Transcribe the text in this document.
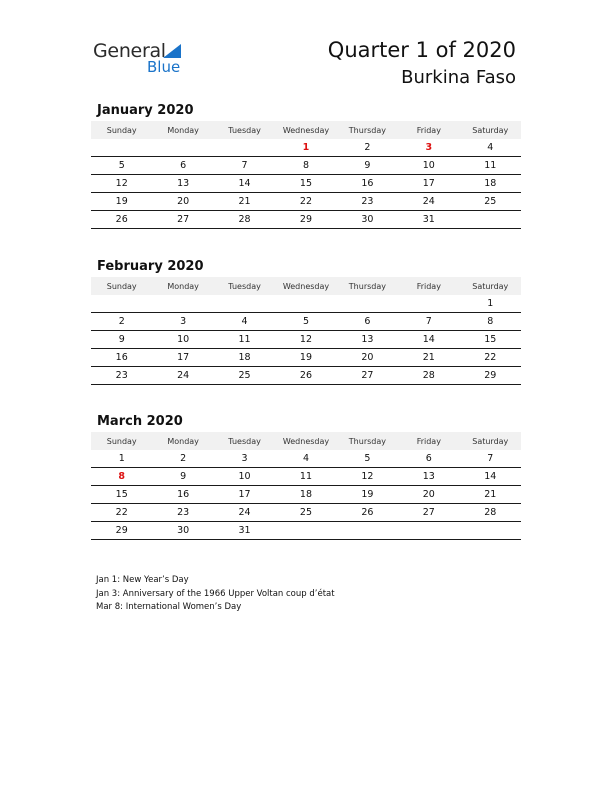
General
Blue
Quarter 1 of 2020
Burkina Faso
January 2020
Sunday	Monday	Tuesday	Wednesday	Thursday	Friday	Saturday
			1	2	3	4
5	6	7	8	9	10	11
12	13	14	15	16	17	18
19	20	21	22	23	24	25
26	27	28	29	30	31	
February 2020
Sunday	Monday	Tuesday	Wednesday	Thursday	Friday	Saturday
						1
2	3	4	5	6	7	8
9	10	11	12	13	14	15
16	17	18	19	20	21	22
23	24	25	26	27	28	29
March 2020
Sunday	Monday	Tuesday	Wednesday	Thursday	Friday	Saturday
1	2	3	4	5	6	7
8	9	10	11	12	13	14
15	16	17	18	19	20	21
22	23	24	25	26	27	28
29	30	31				
Jan 1: New Year’s Day
Jan 3: Anniversary of the 1966 Upper Voltan coup d’état
Mar 8: International Women’s Day
